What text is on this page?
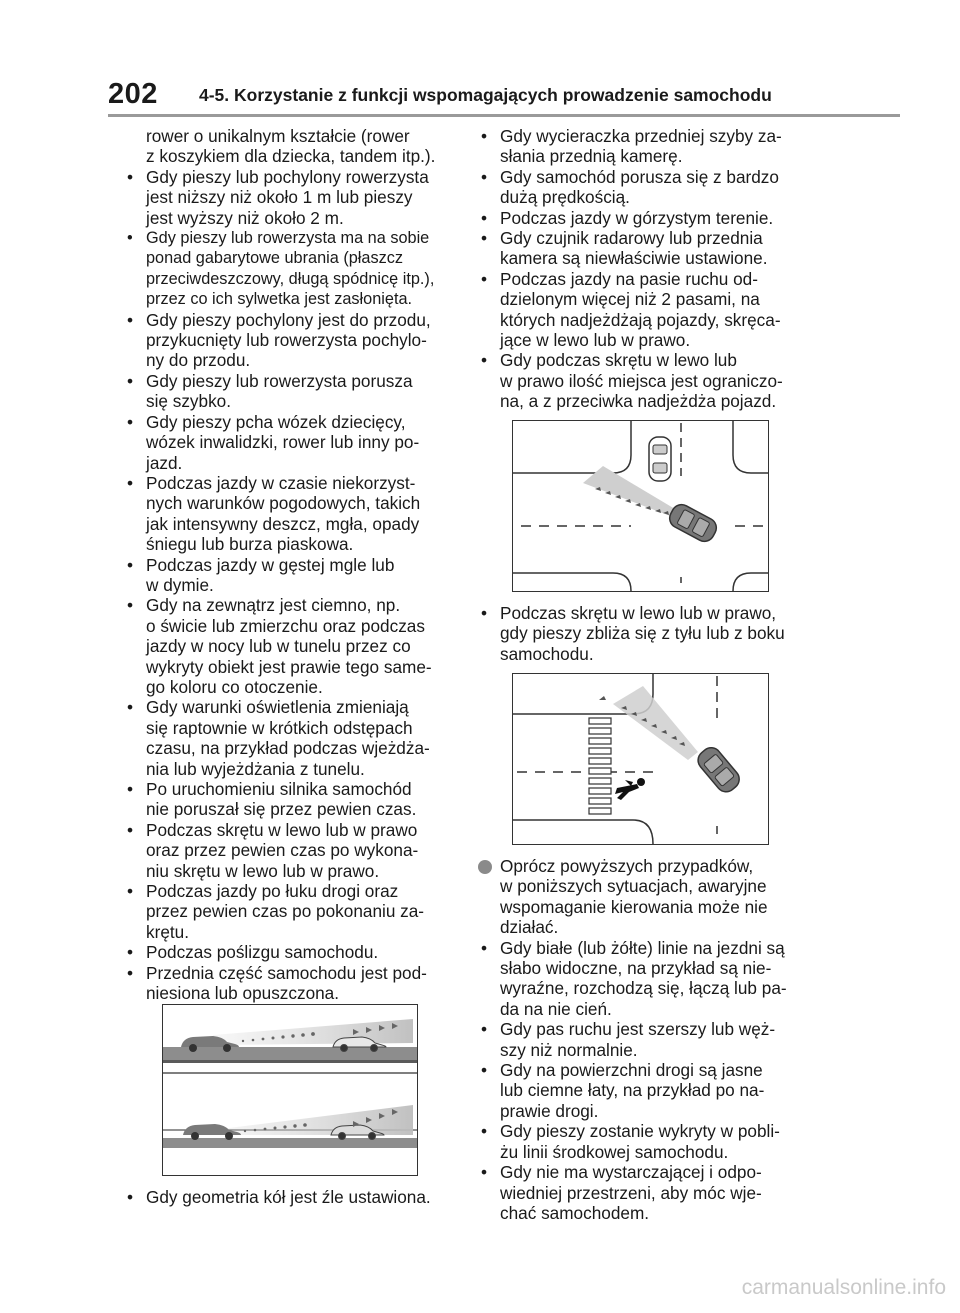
202 4-5. Korzystanie z funkcji wspomagających prowadzenie samochodu

rower o unikalnym kształcie (rower
z koszykiem dla dziecka, tandem itp.).

• Gdy pieszy lub pochylony rowerzysta
jest niższy niż około 1 m lub pieszy
jest wyższy niż około 2 m.

• Gdy pieszy lub rowerzysta ma na sobie
ponad gabarytowe ubrania (płaszcz
przeciwdeszczowy, długą spódnicę itp.),
przez co ich sylwetka jest zasłonięta.

• Gdy pieszy pochylony jest do przodu,
przykucnięty lub rowerzysta pochylo-
ny do przodu.

• Gdy pieszy lub rowerzysta porusza
się szybko.

• Gdy pieszy pcha wózek dziecięcy,
wózek inwalidzki, rower lub inny po-
jazd.

• Podczas jazdy w czasie niekorzyst-
nych warunków pogodowych, takich
jak intensywny deszcz, mgła, opady
śniegu lub burza piaskowa.

• Podczas jazdy w gęstej mgle lub
w dymie.

• Gdy na zewnątrz jest ciemno, np.
o świcie lub zmierzchu oraz podczas
jazdy w nocy lub w tunelu przez co
wykryty obiekt jest prawie tego same-
go koloru co otoczenie.

• Gdy warunki oświetlenia zmieniają
się raptownie w krótkich odstępach
czasu, na przykład podczas wjeżdża-
nia lub wyjeżdżania z tunelu.

• Po uruchomieniu silnika samochód
nie poruszał się przez pewien czas.

• Podczas skrętu w lewo lub w prawo
oraz przez pewien czas po wykona-
niu skrętu w lewo lub w prawo.

• Podczas jazdy po łuku drogi oraz
przez pewien czas po pokonaniu za-
krętu.

• Podczas poślizgu samochodu.

• Przednia część samochodu jest pod-
niesiona lub opuszczona.

• Gdy geometria kół jest źle ustawiona.

• Gdy wycieraczka przedniej szyby za-
słania przednią kamerę.

• Gdy samochód porusza się z bardzo
dużą prędkością.

• Podczas jazdy w górzystym terenie.

• Gdy czujnik radarowy lub przednia
kamera są niewłaściwie ustawione.

• Podczas jazdy na pasie ruchu od-
dzielonym więcej niż 2 pasami, na
których nadjeżdżają pojazdy, skręca-
jące w lewo lub w prawo.

• Gdy podczas skrętu w lewo lub
w prawo ilość miejsca jest ograniczo-
na, a z przeciwka nadjeżdża pojazd.

• Podczas skrętu w lewo lub w prawo,
gdy pieszy zbliża się z tyłu lub z boku
samochodu.

Oprócz powyższych przypadków,
w poniższych sytuacjach, awaryjne
wspomaganie kierowania może nie
działać.

• Gdy białe (lub żółte) linie na jezdni są
słabo widoczne, na przykład są nie-
wyraźne, rozchodzą się, łączą lub pa-
da na nie cień.

• Gdy pas ruchu jest szerszy lub węż-
szy niż normalnie.

• Gdy na powierzchni drogi są jasne
lub ciemne łaty, na przykład po na-
prawie drogi.

• Gdy pieszy zostanie wykryty w pobli-
żu linii środkowej samochodu.

• Gdy nie ma wystarczającej i odpo-
wiedniej przestrzeni, aby móc wje-
chać samochodem.

carmanualsonline.info
